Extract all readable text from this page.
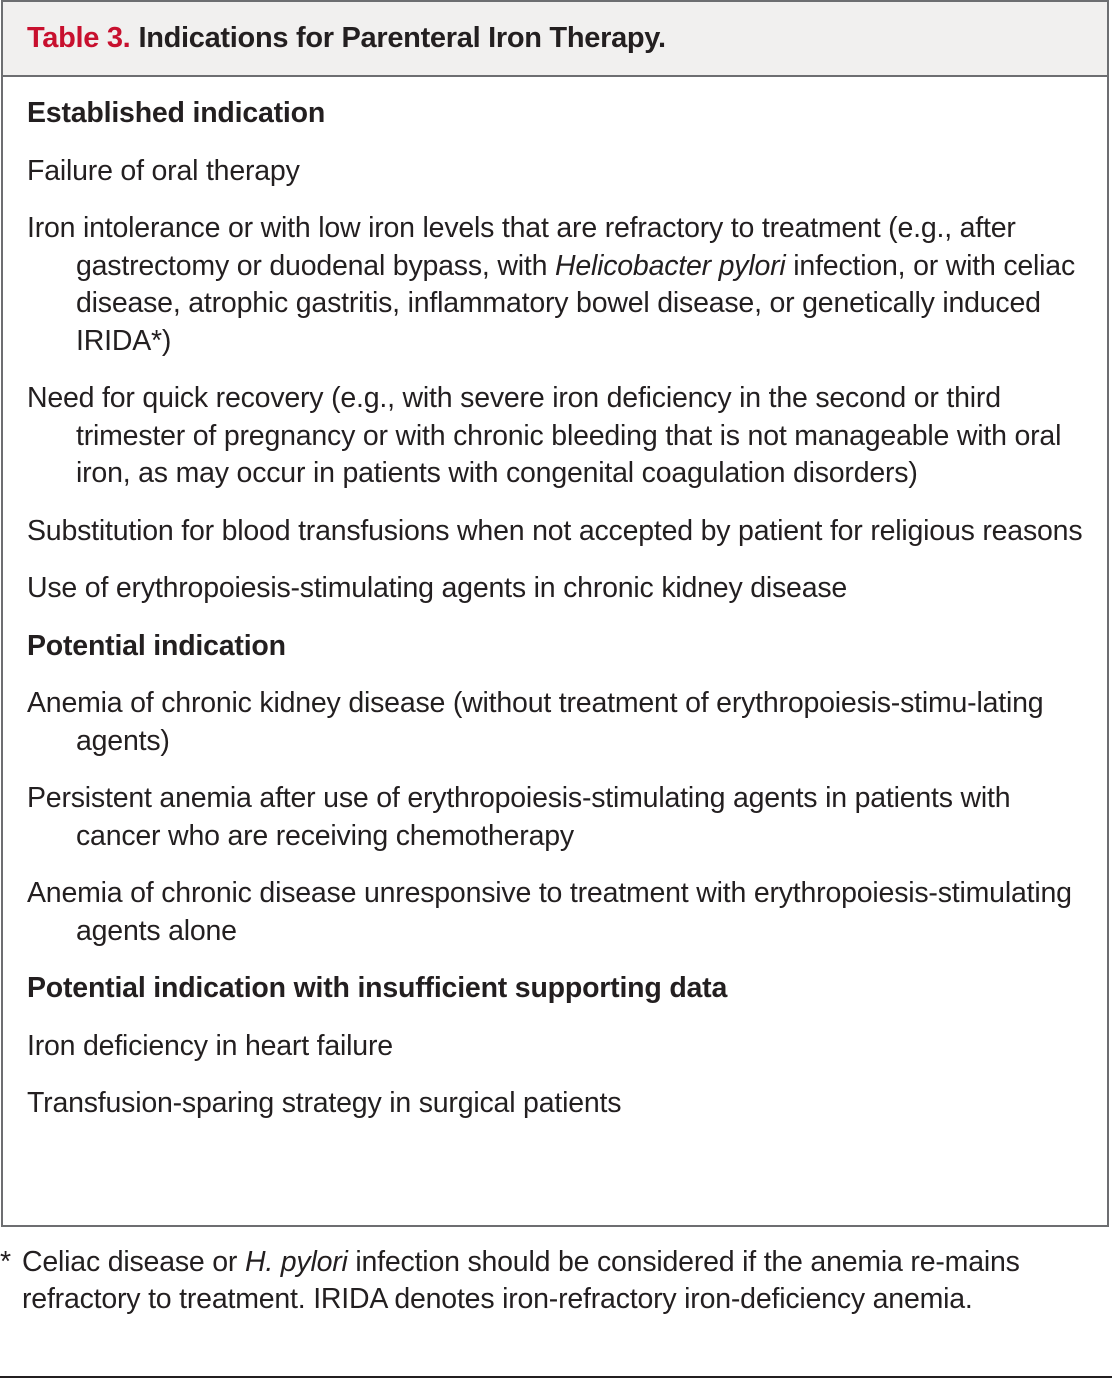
Table 3. Indications for Parenteral Iron Therapy.
Established indication
Failure of oral therapy
Iron intolerance or with low iron levels that are refractory to treatment (e.g., after gastrectomy or duodenal bypass, with Helicobacter pylori infection, or with celiac disease, atrophic gastritis, inflammatory bowel disease, or genetically induced IRIDA*)
Need for quick recovery (e.g., with severe iron deficiency in the second or third trimester of pregnancy or with chronic bleeding that is not manageable with oral iron, as may occur in patients with congenital coagulation disorders)
Substitution for blood transfusions when not accepted by patient for religious reasons
Use of erythropoiesis-stimulating agents in chronic kidney disease
Potential indication
Anemia of chronic kidney disease (without treatment of erythropoiesis-stimu-lating agents)
Persistent anemia after use of erythropoiesis-stimulating agents in patients with cancer who are receiving chemotherapy
Anemia of chronic disease unresponsive to treatment with erythropoiesis-stimulating agents alone
Potential indication with insufficient supporting data
Iron deficiency in heart failure
Transfusion-sparing strategy in surgical patients
* Celiac disease or H. pylori infection should be considered if the anemia re-mains refractory to treatment. IRIDA denotes iron-refractory iron-deficiency anemia.
